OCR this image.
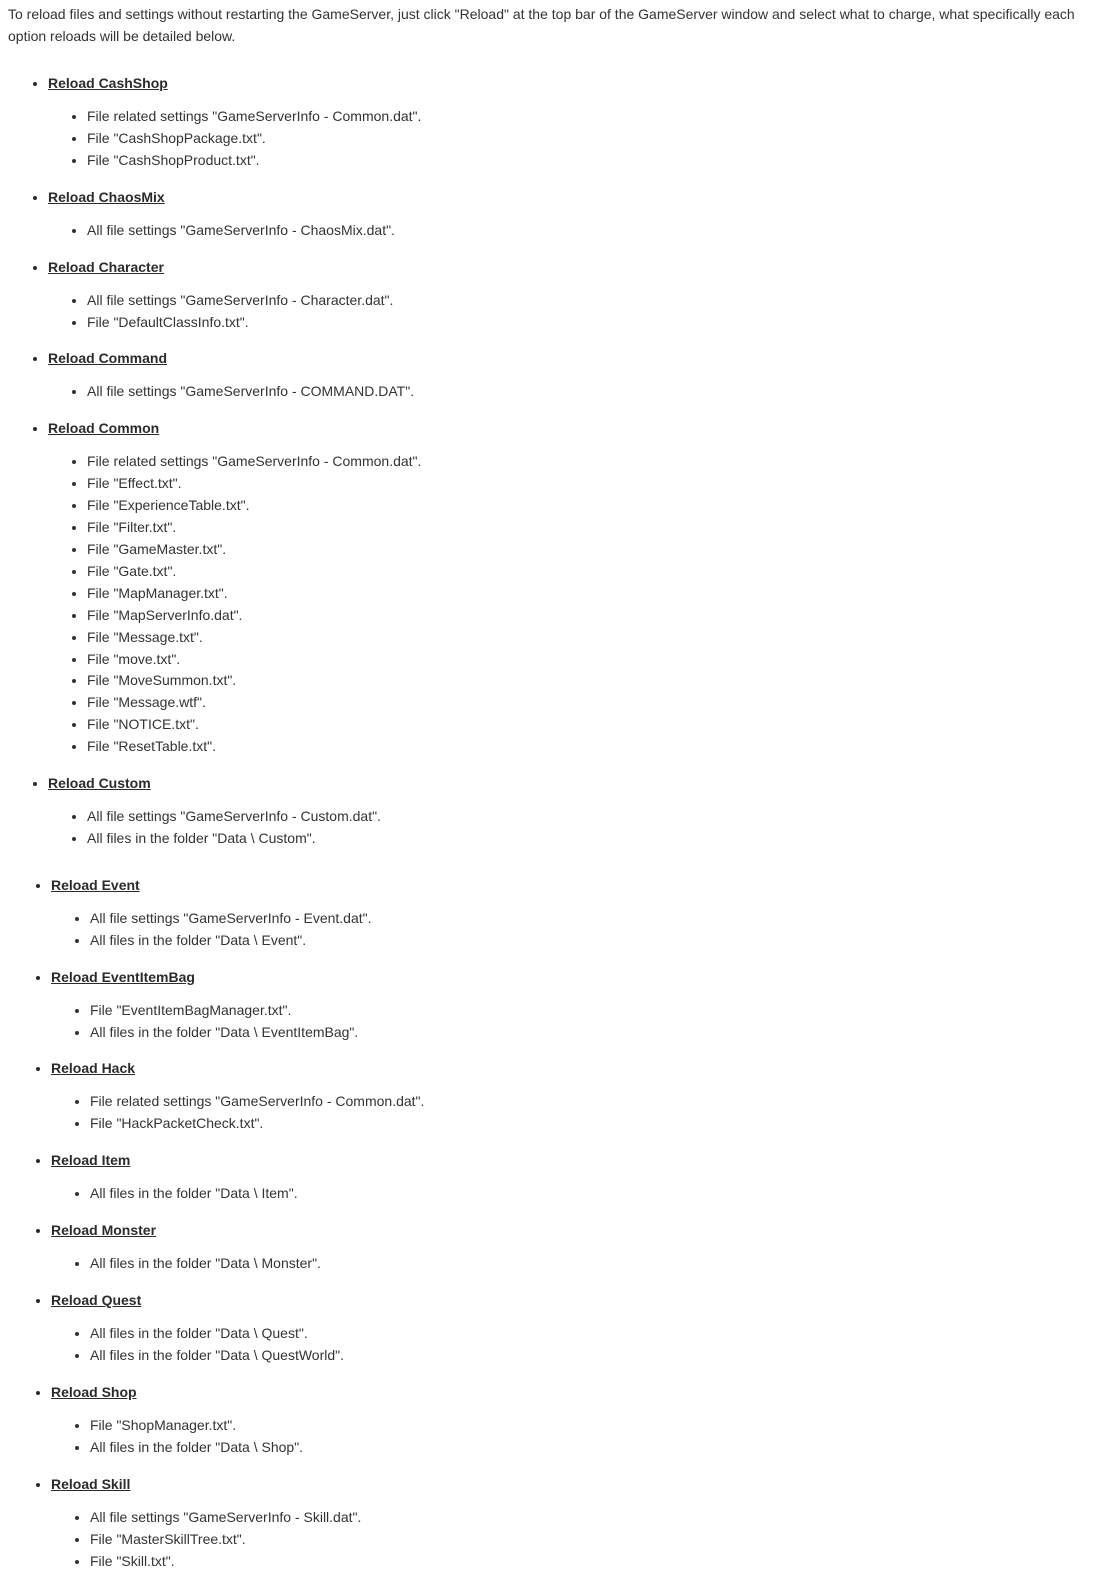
To reload files and settings without restarting the GameServer, just click "Reload" at the top bar of the GameServer window and select what to charge, what specifically each option reloads will be detailed below.

• Reload CashShop
• File related settings "GameServerInfo - Common.dat".
• File "CashShopPackage.txt".
• File "CashShopProduct.txt".
• Reload ChaosMix
• All file settings "GameServerInfo - ChaosMix.dat".
• Reload Character
• All file settings "GameServerInfo - Character.dat".
• File "DefaultClassInfo.txt".
• Reload Command
• All file settings "GameServerInfo - COMMAND.DAT".
• Reload Common
• File related settings "GameServerInfo - Common.dat".
• File "Effect.txt".
• File "ExperienceTable.txt".
• File "Filter.txt".
• File "GameMaster.txt".
• File "Gate.txt".
• File "MapManager.txt".
• File "MapServerInfo.dat".
• File "Message.txt".
• File "move.txt".
• File "MoveSummon.txt".
• File "Message.wtf".
• File "NOTICE.txt".
• File "ResetTable.txt".
• Reload Custom
• All file settings "GameServerInfo - Custom.dat".
• All files in the folder "Data \ Custom".
• Reload Event
• All file settings "GameServerInfo - Event.dat".
• All files in the folder "Data \ Event".
• Reload EventItemBag
• File "EventItemBagManager.txt".
• All files in the folder "Data \ EventItemBag".
• Reload Hack
• File related settings "GameServerInfo - Common.dat".
• File "HackPacketCheck.txt".
• Reload Item
• All files in the folder "Data \ Item".
• Reload Monster
• All files in the folder "Data \ Monster".
• Reload Quest
• All files in the folder "Data \ Quest".
• All files in the folder "Data \ QuestWorld".
• Reload Shop
• File "ShopManager.txt".
• All files in the folder "Data \ Shop".
• Reload Skill
• All file settings "GameServerInfo - Skill.dat".
• File "MasterSkillTree.txt".
• File "Skill.txt".
